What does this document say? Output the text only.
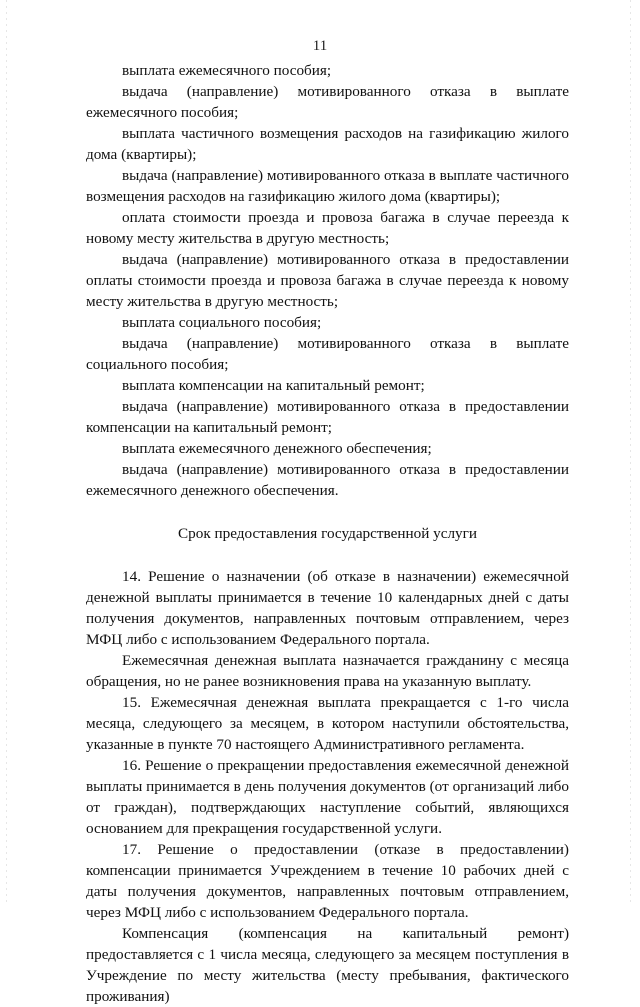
11

выплата ежемесячного пособия;

выдача (направление) мотивированного отказа в выплате ежемесячного пособия;

выплата частичного возмещения расходов на газификацию жилого дома (квартиры);

выдача (направление) мотивированного отказа в выплате частичного возмещения расходов на газификацию жилого дома (квартиры);

оплата стоимости проезда и провоза багажа в случае переезда к новому месту жительства в другую местность;

выдача (направление) мотивированного отказа в предоставлении оплаты стоимости проезда и провоза багажа в случае переезда к новому месту жительства в другую местность;

выплата социального пособия;

выдача (направление) мотивированного отказа в выплате социального пособия;

выплата компенсации на капитальный ремонт;

выдача (направление) мотивированного отказа в предоставлении компенсации на капитальный ремонт;

выплата ежемесячного денежного обеспечения;

выдача (направление) мотивированного отказа в предоставлении ежемесячного денежного обеспечения.

Срок предоставления государственной услуги

14. Решение о назначении (об отказе в назначении) ежемесячной денежной выплаты принимается в течение 10 календарных дней с даты получения документов, направленных почтовым отправлением, через МФЦ либо с использованием Федерального портала.

Ежемесячная денежная выплата назначается гражданину с месяца обращения, но не ранее возникновения права на указанную выплату.

15. Ежемесячная денежная выплата прекращается с 1-го числа месяца, следующего за месяцем, в котором наступили обстоятельства, указанные в пункте 70 настоящего Административного регламента.

16. Решение о прекращении предоставления ежемесячной денежной выплаты принимается в день получения документов (от организаций либо от граждан), подтверждающих наступление событий, являющихся основанием для прекращения государственной услуги.

17. Решение о предоставлении (отказе в предоставлении) компенсации принимается Учреждением в течение 10 рабочих дней с даты получения документов, направленных почтовым отправлением, через МФЦ либо с использованием Федерального портала.

Компенсация (компенсация на капитальный ремонт) предоставляется с 1 числа месяца, следующего за месяцем поступления в Учреждение по месту жительства (месту пребывания, фактического проживания)
